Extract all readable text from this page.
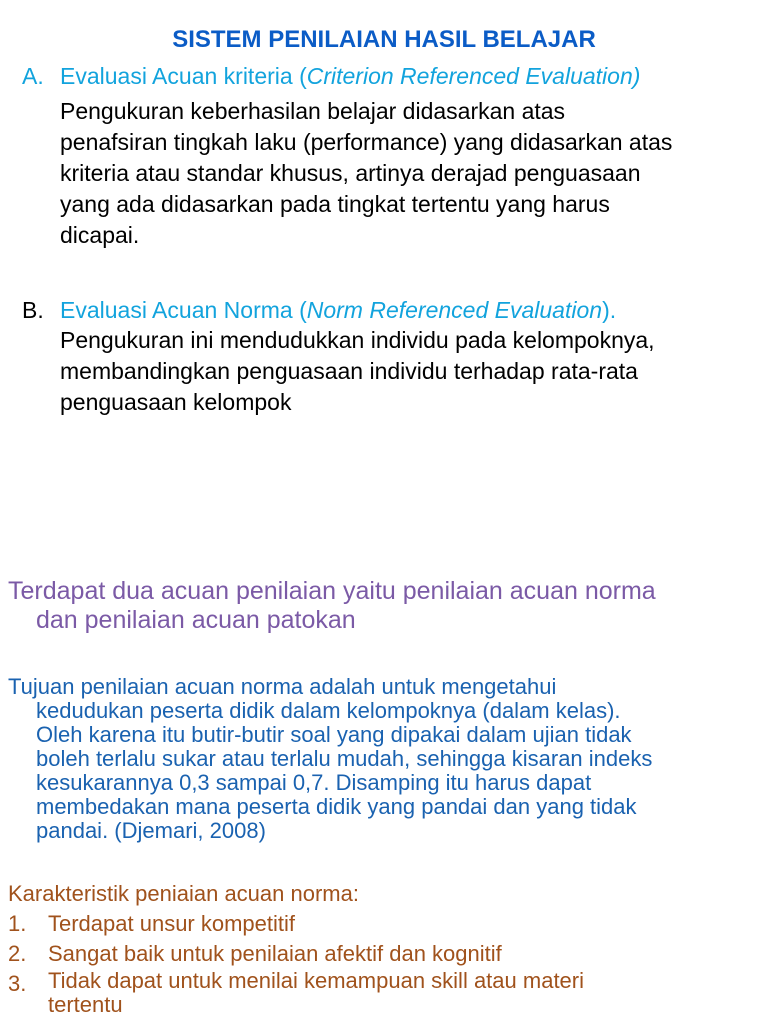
SISTEM PENILAIAN HASIL BELAJAR
A. Evaluasi Acuan kriteria (Criterion Referenced Evaluation)
Pengukuran keberhasilan belajar didasarkan atas
penafsiran tingkah laku (performance) yang didasarkan atas
kriteria atau standar khusus, artinya derajad penguasaan
yang ada didasarkan pada tingkat tertentu yang harus
dicapai.
B. Evaluasi Acuan Norma (Norm Referenced Evaluation).
Pengukuran ini mendudukkan individu pada kelompoknya,
membandingkan penguasaan individu terhadap rata-rata
penguasaan kelompok
Terdapat dua acuan penilaian yaitu penilaian acuan norma
dan penilaian acuan patokan
Tujuan penilaian acuan norma adalah untuk mengetahui
kedudukan peserta didik dalam kelompoknya (dalam kelas).
Oleh karena itu butir-butir soal yang dipakai dalam ujian tidak
boleh terlalu sukar atau terlalu mudah, sehingga kisaran indeks
kesukarannya 0,3 sampai 0,7. Disamping itu harus dapat
membedakan mana peserta didik yang pandai dan yang tidak
pandai. (Djemari, 2008)
Karakteristik peniaian acuan norma:
1. Terdapat unsur kompetitif
2. Sangat baik untuk penilaian afektif dan kognitif
3. Tidak dapat untuk menilai kemampuan skill atau materi
tertentu
